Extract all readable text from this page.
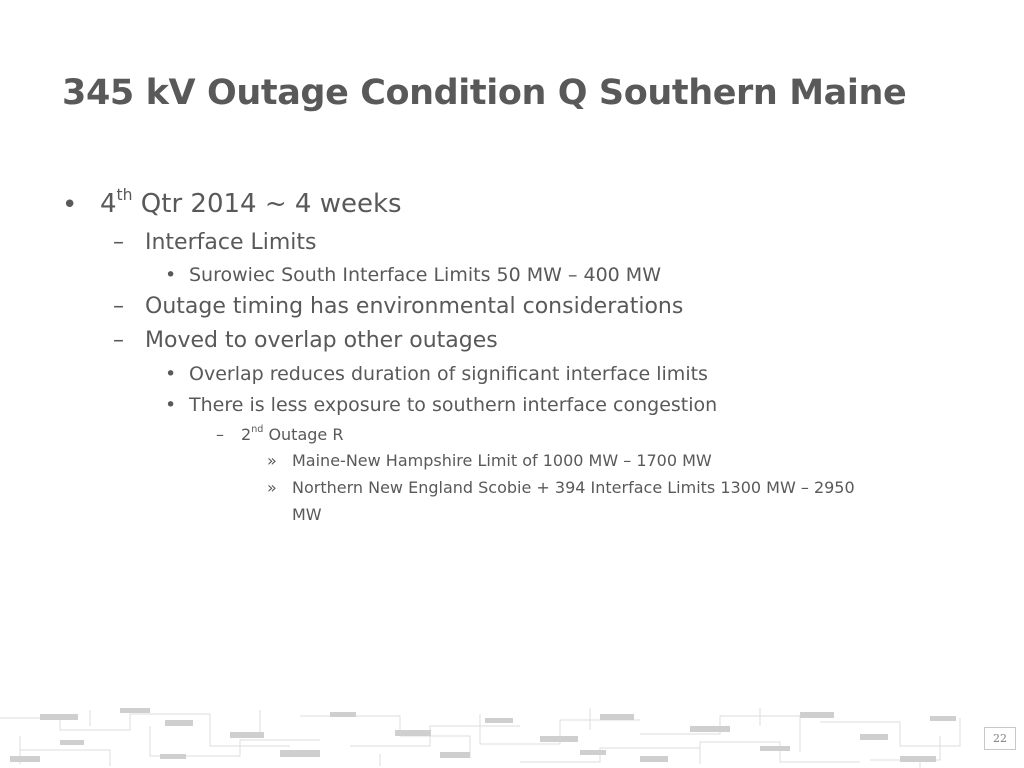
345 kV Outage Condition Q Southern Maine
• 4th Qtr 2014 ~ 4 weeks
– Interface Limits
• Surowiec South Interface Limits 50 MW – 400 MW
– Outage timing has environmental considerations
– Moved to overlap other outages
• Overlap reduces duration of significant interface limits
• There is less exposure to southern interface congestion
– 2nd Outage R
» Maine-New Hampshire Limit of 1000 MW – 1700 MW
» Northern New England Scobie + 394 Interface Limits 1300 MW – 2950
MW
22
